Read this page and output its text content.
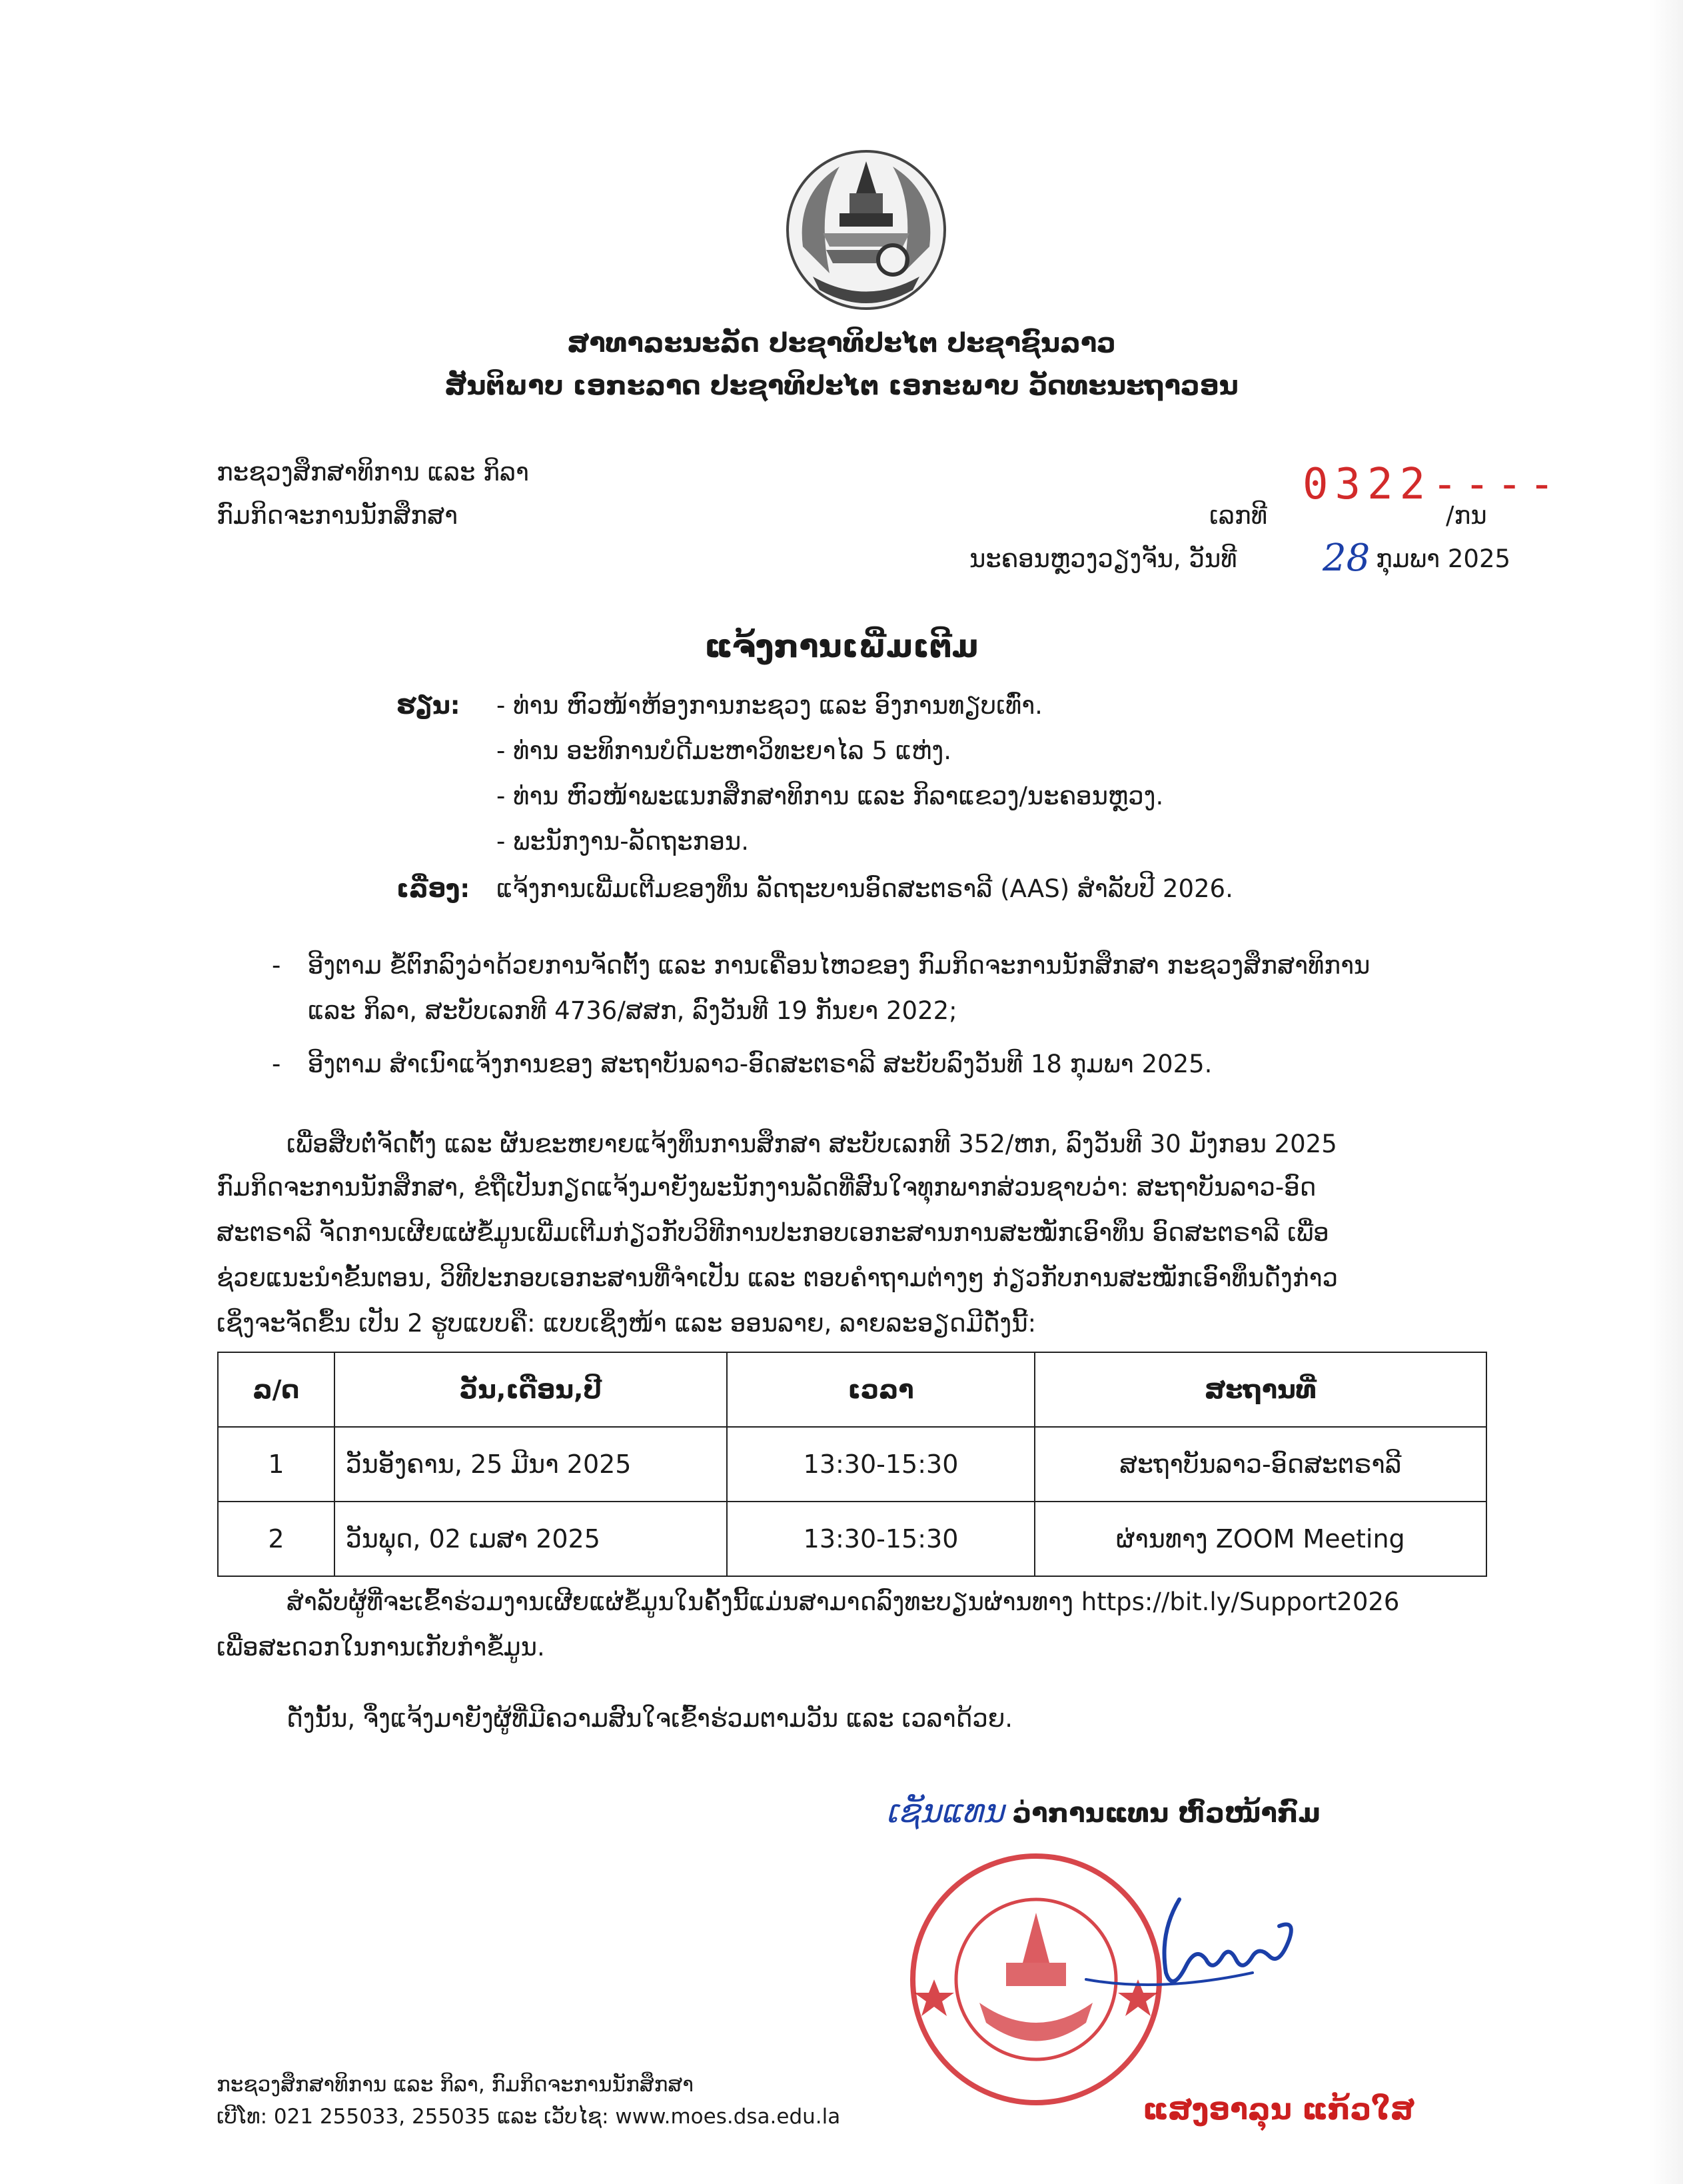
ສາທາລະນະລັດ ປະຊາທິປະໄຕ ປະຊາຊົນລາວ
ສັນຕິພາບ ເອກະລາດ ປະຊາທິປະໄຕ ເອກະພາບ ວັດທະນະຖາວອນ
ກະຊວງສຶກສາທິການ ແລະ ກິລາ
ກົມກິດຈະການນັກສຶກສາ	ເລກທີ
0322----
/ກນ
ນະຄອນຫຼວງວຽງຈັນ, ວັນທີ 28 ກຸມພາ 2025
ແຈ້ງການເພີ່ມເຕີມ
ຮຽນ: - ທ່ານ ຫົວໜ້າຫ້ອງການກະຊວງ ແລະ ອົງການທຽບເທົ່າ.
- ທ່ານ ອະທິການບໍດີມະຫາວິທະຍາໄລ 5 ແຫ່ງ.
- ທ່ານ ຫົວໜ້າພະແນກສຶກສາທິການ ແລະ ກິລາແຂວງ/ນະຄອນຫຼວງ.
- ພະນັກງານ-ລັດຖະກອນ.
ເລື່ອງ: ແຈ້ງການເພີ່ມເຕີມຂອງທຶນ ລັດຖະບານອົດສະຕຣາລີ (AAS) ສຳລັບປີ 2026.
- ອີງຕາມ ຂໍ້ຕົກລົງວ່າດ້ວຍການຈັດຕັ້ງ ແລະ ການເຄື່ອນໄຫວຂອງ ກົມກິດຈະການນັກສຶກສາ ກະຊວງສຶກສາທິການ
ແລະ ກິລາ, ສະບັບເລກທີ 4736/ສສກ, ລົງວັນທີ 19 ກັນຍາ 2022;
- ອີງຕາມ ສຳເນົາແຈ້ງການຂອງ ສະຖາບັນລາວ-ອົດສະຕຣາລີ ສະບັບລົງວັນທີ 18 ກຸມພາ 2025.
ເພື່ອສືບຕໍ່ຈັດຕັ້ງ ແລະ ຜັນຂະຫຍາຍແຈ້ງທຶນການສຶກສາ ສະບັບເລກທີ 352/ຫກ, ລົງວັນທີ 30 ມັງກອນ 2025
ກົມກິດຈະການນັກສຶກສາ, ຂໍຖືເປັນກຽດແຈ້ງມາຍັງພະນັກງານລັດທີ່ສົນໃຈທຸກພາກສ່ວນຊາບວ່າ: ສະຖາບັນລາວ-ອົດ
ສະຕຣາລີ ຈັດການເຜີຍແຜ່ຂໍ້ມູນເພີ່ມເຕີມກ່ຽວກັບວິທີການປະກອບເອກະສານການສະໝັກເອົາທຶນ ອົດສະຕຣາລີ ເພື່ອ
ຊ່ວຍແນະນຳຂັ້ນຕອນ, ວິທີປະກອບເອກະສານທີ່ຈຳເປັນ ແລະ ຕອບຄຳຖາມຕ່າງໆ ກ່ຽວກັບການສະໝັກເອົາທຶນດັ່ງກ່າວ
ເຊິ່ງຈະຈັດຂຶ້ນ ເປັນ 2 ຮູບແບບຄື: ແບບເຊິ່ງໜ້າ ແລະ ອອນລາຍ, ລາຍລະອຽດມີດັ່ງນີ້:
ລ/ດ	ວັນ,ເດືອນ,ປີ	ເວລາ	ສະຖານທີ່
1	ວັນອັງຄານ, 25 ມີນາ 2025	13:30-15:30	ສະຖາບັນລາວ-ອົດສະຕຣາລີ
2	ວັນພຸດ, 02 ເມສາ 2025	13:30-15:30	ຜ່ານທາງ ZOOM Meeting
ສຳລັບຜູ້ທີ່ຈະເຂົ້າຮ່ວມງານເຜີຍແຜ່ຂໍ້ມູນໃນຄັ້ງນີ້ແມ່ນສາມາດລົງທະບຽນຜ່ານທາງ https://bit.ly/Support2026
ເພື່ອສະດວກໃນການເກັບກຳຂໍ້ມູນ.
ດັ່ງນັ້ນ, ຈຶ່ງແຈ້ງມາຍັງຜູ້ທີ່ມີຄວາມສົນໃຈເຂົ້າຮ່ວມຕາມວັນ ແລະ ເວລາດ້ວຍ.
ເຊັນແທນ ວ່າການແທນ ຫົວໜ້າກົມ
ແສງອາລຸນ ແກ້ວໃສ
ກະຊວງສຶກສາທິການ ແລະ ກິລາ, ກົມກິດຈະການນັກສຶກສາ
ເບີໂທ: 021 255033, 255035 ແລະ ເວັບໄຊ: www.moes.dsa.edu.la
